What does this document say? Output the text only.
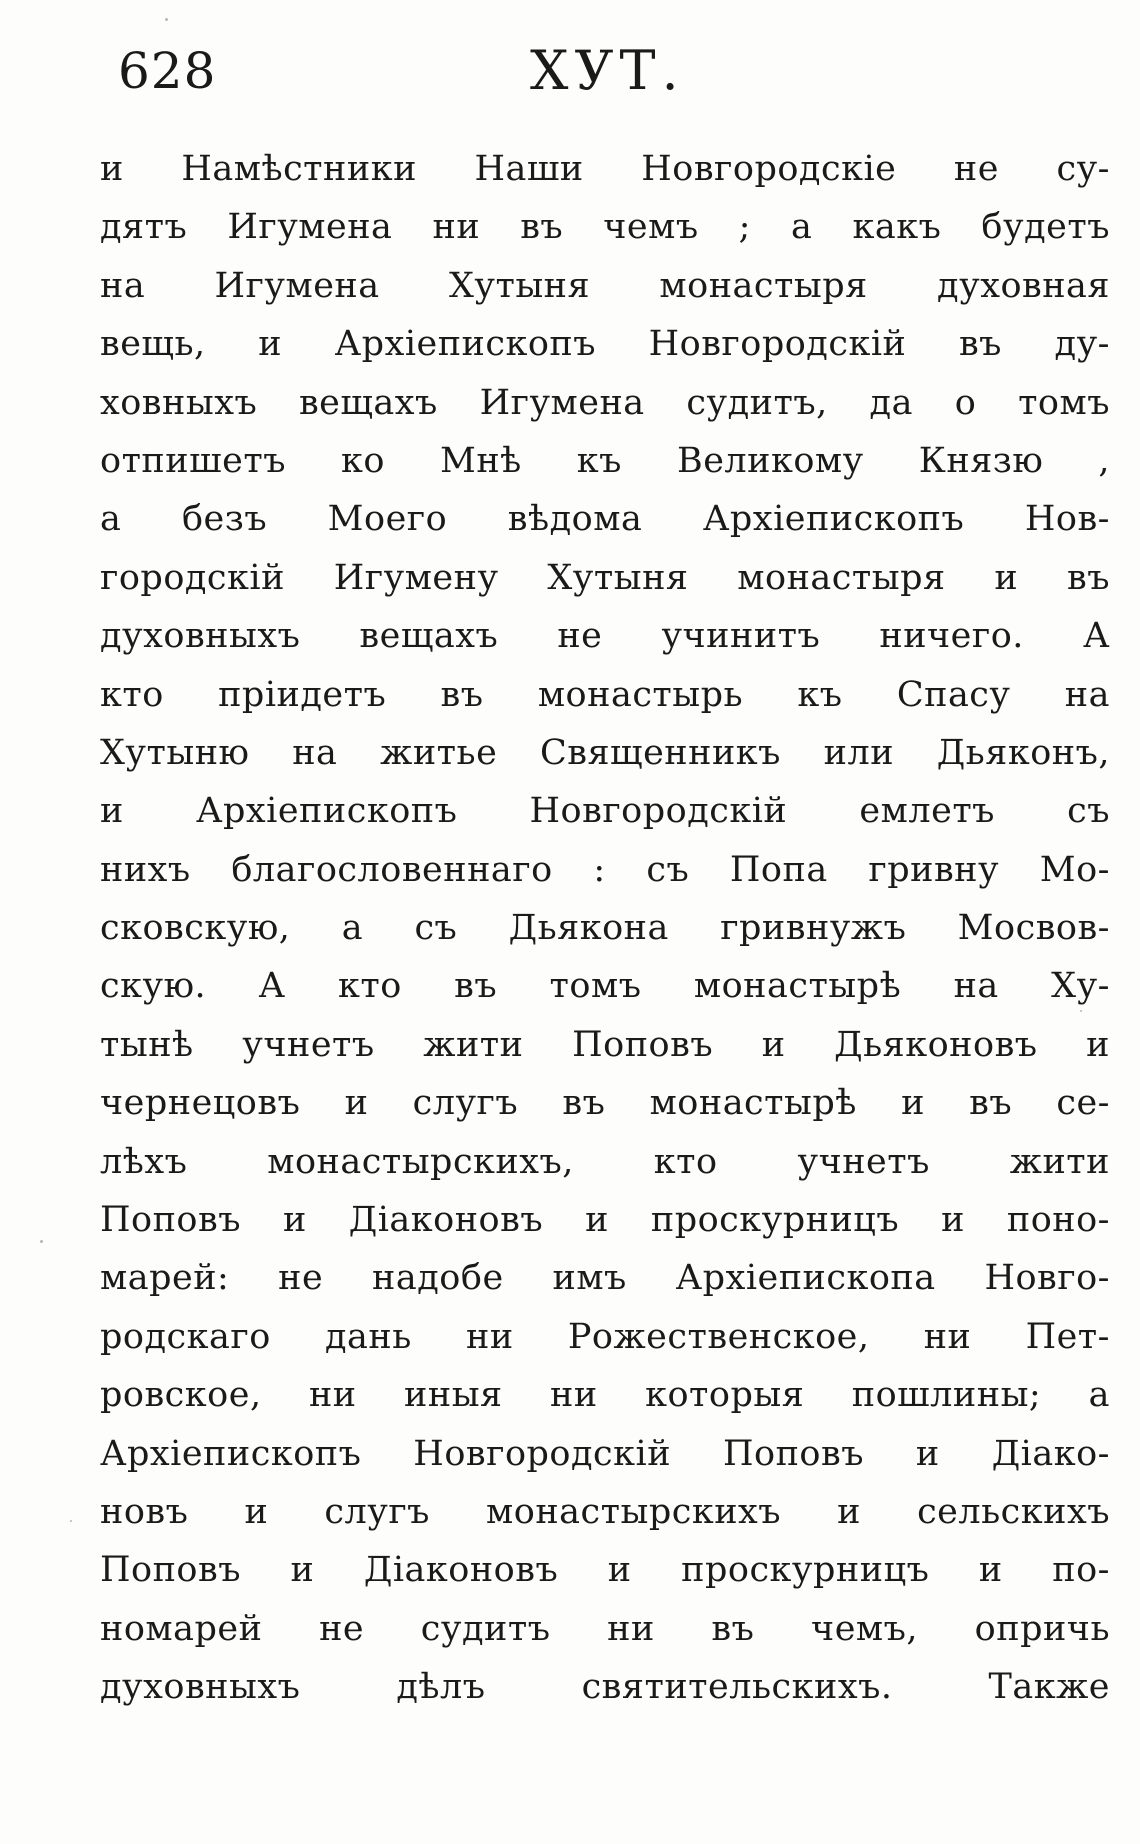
628	ХУТ.
и Намѣстники Наши Новгородскіе не су-
дятъ Игумена ни въ чемъ ; а какъ будетъ
на Игумена Хутыня монастыря духовная
вещь, и Архіепископъ Новгородскій въ ду-
ховныхъ вещахъ Игумена судитъ, да о томъ
отпишетъ ко Мнѣ къ Великому Князю ,
а безъ Моего вѣдома Архіепископъ Нов-
городскій Игумену Хутыня монастыря и въ
духовныхъ вещахъ не учинитъ ничего. А
кто пріидетъ въ монастырь къ Спасу на
Хутыню на житье Священникъ или Дьяконъ,
и Архіепископъ Новгородскій емлетъ съ
нихъ благословеннаго : съ Попа гривну Мо-
сковскую, а съ Дьякона гривнужъ Мосвов-
скую. А кто въ томъ монастырѣ на Ху-
тынѣ учнетъ жити Поповъ и Дьяконовъ и
чернецовъ и слугъ въ монастырѣ и въ се-
лѣхъ монастырскихъ, кто учнетъ жити
Поповъ и Діаконовъ и проскурницъ и поно-
марей: не надобе имъ Архіепископа Новго-
родскаго дань ни Рожественское, ни Пет-
ровское, ни иныя ни которыя пошлины; а
Архіепископъ Новгородскій Поповъ и Діако-
новъ и слугъ монастырскихъ и сельскихъ
Поповъ и Діаконовъ и проскурницъ и по-
номарей не судитъ ни въ чемъ, опричь
духовныхъ дѣлъ святительскихъ. Также
